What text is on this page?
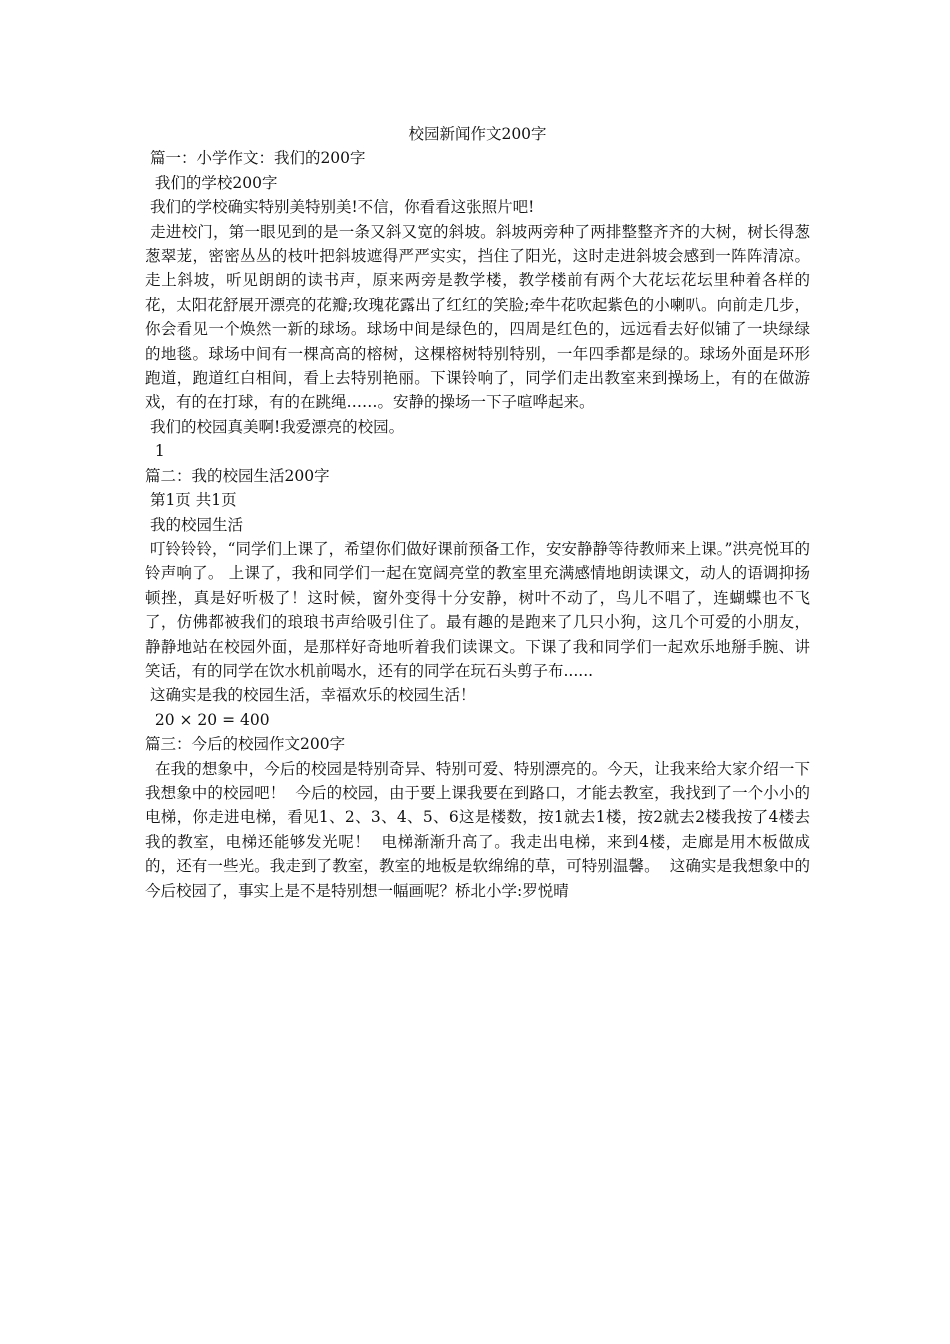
校园新闻作文200字

篇一：小学作文：我们的200字

我们的学校200字

我们的学校确实特别美特别美!不信，你看看这张照片吧!

走进校门，第一眼见到的是一条又斜又宽的斜坡。斜坡两旁种了两排整整齐齐的大树，树长得葱葱翠茏，密密丛丛的枝叶把斜坡遮得严严实实，挡住了阳光，这时走进斜坡会感到一阵阵清凉。走上斜坡，听见朗朗的读书声，原来两旁是教学楼，教学楼前有两个大花坛花坛里种着各样的花，太阳花舒展开漂亮的花瓣;玫瑰花露出了红红的笑脸;牵牛花吹起紫色的小喇叭。向前走几步，你会看见一个焕然一新的球场。球场中间是绿色的，四周是红色的，远远看去好似铺了一块绿绿的地毯。球场中间有一棵高高的榕树，这棵榕树特别特别，一年四季都是绿的。球场外面是环形跑道，跑道红白相间，看上去特别艳丽。下课铃响了，同学们走出教室来到操场上，有的在做游戏，有的在打球，有的在跳绳……。安静的操场一下子喧哗起来。

我们的校园真美啊!我爱漂亮的校园。

1

篇二：我的校园生活200字

第1页 共1页

我的校园生活

叮铃铃铃，“同学们上课了，希望你们做好课前预备工作，安安静静等待教师来上课。”洪亮悦耳的铃声响了。 上课了，我和同学们一起在宽阔亮堂的教室里充满感情地朗读课文，动人的语调抑扬顿挫，真是好听极了！这时候，窗外变得十分安静，树叶不动了，鸟儿不唱了，连蝴蝶也不飞了，仿佛都被我们的琅琅书声给吸引住了。最有趣的是跑来了几只小狗，这几个可爱的小朋友，静静地站在校园外面，是那样好奇地听着我们读课文。下课了我和同学们一起欢乐地掰手腕、讲笑话，有的同学在饮水机前喝水，还有的同学在玩石头剪子布......

这确实是我的校园生活，幸福欢乐的校园生活！

20 × 20 = 400

篇三：今后的校园作文200字

在我的想象中，今后的校园是特别奇异、特别可爱、特别漂亮的。今天，让我来给大家介绍一下我想象中的校园吧！  今后的校园，由于要上课我要在到路口，才能去教室，我找到了一个小小的电梯，你走进电梯，看见1、2、3、4、5、6这是楼数，按1就去1楼，按2就去2楼我按了4楼去我的教室，电梯还能够发光呢！  电梯渐渐升高了。我走出电梯，来到4楼，走廊是用木板做成的，还有一些光。我走到了教室，教室的地板是软绵绵的草，可特别温馨。  这确实是我想象中的今后校园了，事实上是不是特别想一幅画呢？桥北小学:罗悦晴
